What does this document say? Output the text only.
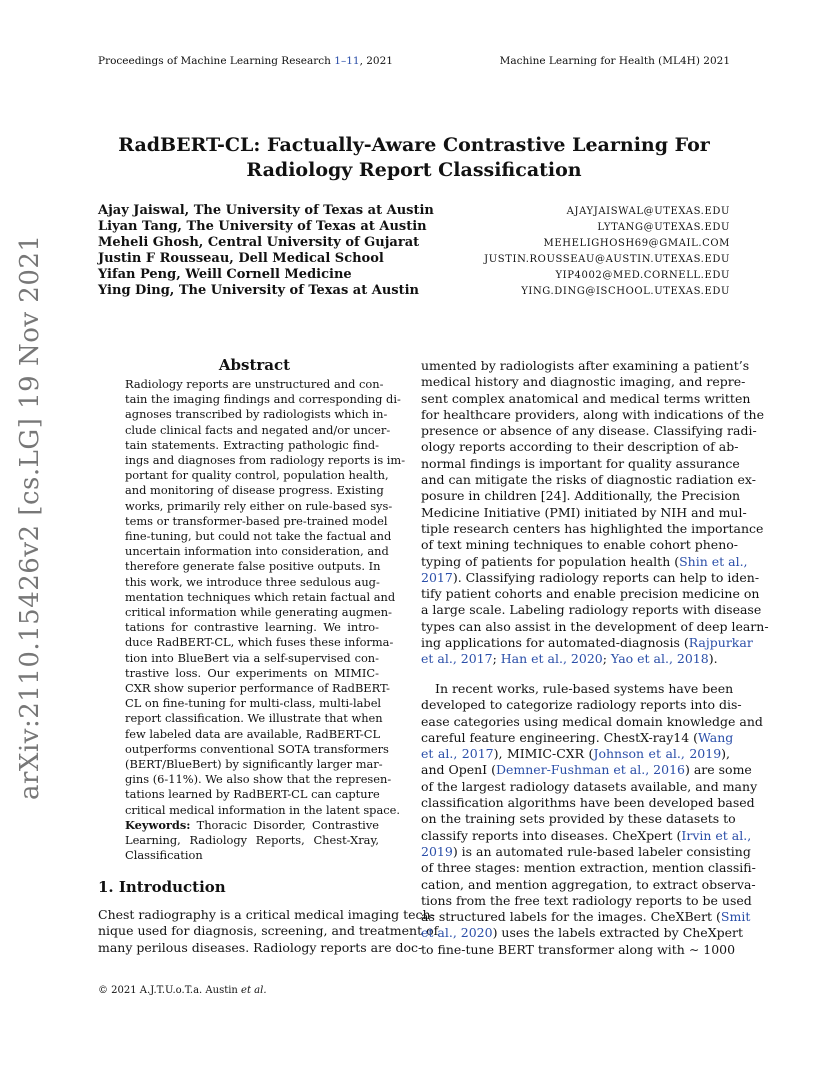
Proceedings of Machine Learning Research 1–11, 2021	Machine Learning for Health (ML4H) 2021
RadBERT-CL: Factually-Aware Contrastive Learning For
Radiology Report Classification
Ajay Jaiswal, The University of Texas at Austin	AJAYJAISWAL@UTEXAS.EDU
Liyan Tang, The University of Texas at Austin	LYTANG@UTEXAS.EDU
Meheli Ghosh, Central University of Gujarat	MEHELIGHOSH69@GMAIL.COM
Justin F Rousseau, Dell Medical School	JUSTIN.ROUSSEAU@AUSTIN.UTEXAS.EDU
Yifan Peng, Weill Cornell Medicine	YIP4002@MED.CORNELL.EDU
Ying Ding, The University of Texas at Austin	YING.DING@ISCHOOL.UTEXAS.EDU
arXiv:2110.15426v2 [cs.LG] 19 Nov 2021	Abstract
Radiology reports are unstructured and con-
tain the imaging findings and corresponding di-
agnoses transcribed by radiologists which in-
clude clinical facts and negated and/or uncer-
tain statements. Extracting pathologic find-
ings and diagnoses from radiology reports is im-
portant for quality control, population health,
and monitoring of disease progress. Existing
works, primarily rely either on rule-based sys-
tems or transformer-based pre-trained model
fine-tuning, but could not take the factual and
uncertain information into consideration, and
therefore generate false positive outputs. In
this work, we introduce three sedulous aug-
mentation techniques which retain factual and
critical information while generating augmen-
tations for contrastive learning. We intro-
duce RadBERT-CL, which fuses these informa-
tion into BlueBert via a self-supervised con-
trastive loss. Our experiments on MIMIC-
CXR show superior performance of RadBERT-
CL on fine-tuning for multi-class, multi-label
report classification. We illustrate that when
few labeled data are available, RadBERT-CL
outperforms conventional SOTA transformers
(BERT/BlueBert) by significantly larger mar-
gins (6-11%). We also show that the represen-
tations learned by RadBERT-CL can capture
critical medical information in the latent space.
Keywords: Thoracic Disorder, Contrastive
Learning, Radiology Reports, Chest-Xray,
Classification
1. Introduction
Chest radiography is a critical medical imaging tech-
nique used for diagnosis, screening, and treatment of
many perilous diseases. Radiology reports are doc-
umented by radiologists after examining a patient’s
medical history and diagnostic imaging, and repre-
sent complex anatomical and medical terms written
for healthcare providers, along with indications of the
presence or absence of any disease. Classifying radi-
ology reports according to their description of ab-
normal findings is important for quality assurance
and can mitigate the risks of diagnostic radiation ex-
posure in children [24]. Additionally, the Precision
Medicine Initiative (PMI) initiated by NIH and mul-
tiple research centers has highlighted the importance
of text mining techniques to enable cohort pheno-
typing of patients for population health (Shin et al.,
2017). Classifying radiology reports can help to iden-
tify patient cohorts and enable precision medicine on
a large scale. Labeling radiology reports with disease
types can also assist in the development of deep learn-
ing applications for automated-diagnosis (Rajpurkar
et al., 2017; Han et al., 2020; Yao et al., 2018).
In recent works, rule-based systems have been
developed to categorize radiology reports into dis-
ease categories using medical domain knowledge and
careful feature engineering. ChestX-ray14 (Wang
et al., 2017), MIMIC-CXR (Johnson et al., 2019),
and OpenI (Demner-Fushman et al., 2016) are some
of the largest radiology datasets available, and many
classification algorithms have been developed based
on the training sets provided by these datasets to
classify reports into diseases. CheXpert (Irvin et al.,
2019) is an automated rule-based labeler consisting
of three stages: mention extraction, mention classifi-
cation, and mention aggregation, to extract observa-
tions from the free text radiology reports to be used
as structured labels for the images. CheXBert (Smit
et al., 2020) uses the labels extracted by CheXpert
to fine-tune BERT transformer along with ∼ 1000
© 2021 A.J.T.U.o.T.a. Austin et al.
